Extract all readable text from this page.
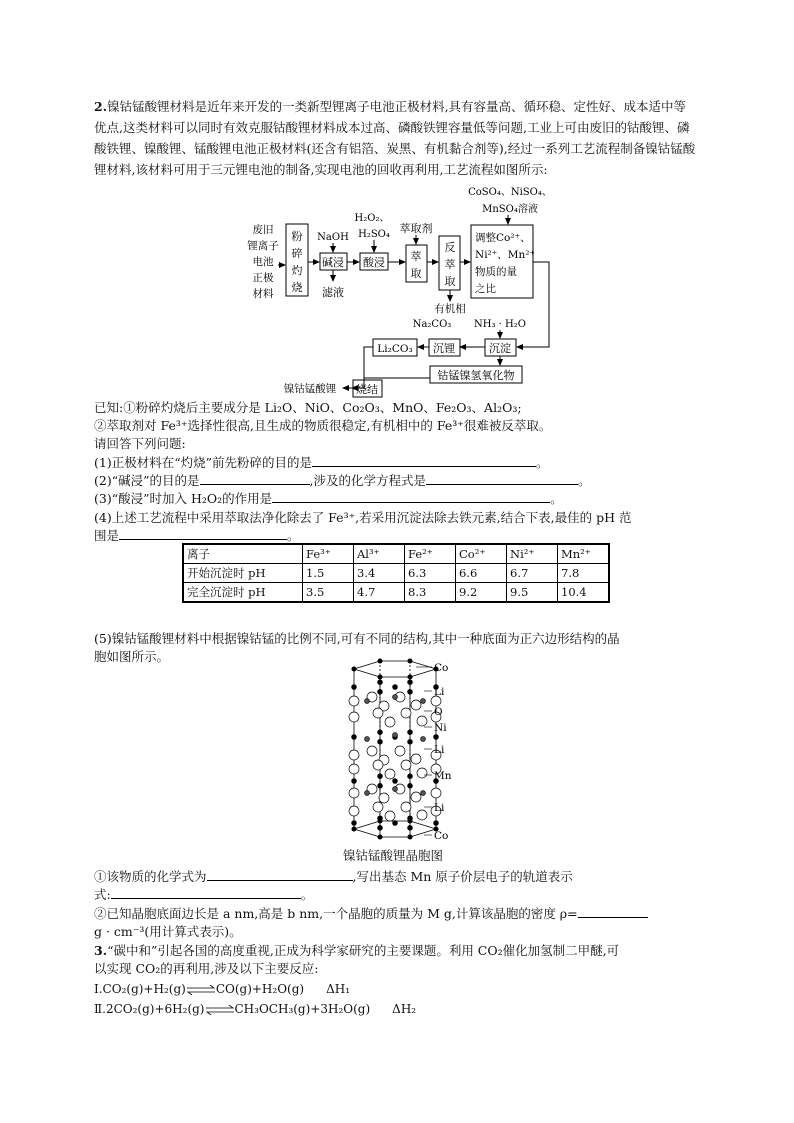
2.镍钴锰酸锂材料是近年来开发的一类新型锂离子电池正极材料,具有容量高、循环稳、定性好、成本适中等优点,这类材料可以同时有效克服钴酸锂材料成本过高、磷酸铁锂容量低等问题,工业上可由废旧的钴酸锂、磷酸铁锂、镍酸锂、锰酸锂电池正极材料(还含有铝箔、炭黑、有机黏合剂等),经过一系列工艺流程制备镍钴锰酸锂材料,该材料可用于三元锂电池的制备,实现电池的回收再利用,工艺流程如图所示:
废旧
锂离子
电池
正极
材料
粉
碎
灼
烧
NaOH
碱浸
滤液
H₂O₂、
H₂SO₄
酸浸
萃取剂
萃
取
反
萃
取
有机相
CoSO₄、NiSO₄、
MnSO₄溶液
调整Co²⁺、
Ni²⁺、Mn²⁺
物质的量
之比
Na₂CO₃ NH₃ · H₂O
沉淀
沉锂
Li₂CO₃
钴锰镍氢氧化物
烧结
镍钴锰酸锂
已知:①粉碎灼烧后主要成分是 Li₂O、NiO、Co₂O₃、MnO、Fe₂O₃、Al₂O₃;
②萃取剂对 Fe³⁺选择性很高,且生成的物质很稳定,有机相中的 Fe³⁺很难被反萃取。
请回答下列问题:
(1)正极材料在“灼烧”前先粉碎的目的是	。
(2)“碱浸”的目的是	,涉及的化学方程式是	。
(3)“酸浸”时加入 H₂O₂的作用是	。
(4)上述工艺流程中采用萃取法净化除去了 Fe³⁺,若采用沉淀法除去铁元素,结合下表,最佳的 pH 范
围是	。
离子	Fe³⁺	Al³⁺	Fe²⁺	Co²⁺	Ni²⁺	Mn²⁺
开始沉淀时 pH	1.5	3.4	6.3	6.6	6.7	7.8
完全沉淀时 pH	3.5	4.7	8.3	9.2	9.5	10.4
(5)镍钴锰酸锂材料中根据镍钴锰的比例不同,可有不同的结构,其中一种底面为正六边形结构的晶
胞如图所示。
Co
Li
O
Ni
Li
Mn
Li
Co
镍钴锰酸锂晶胞图
①该物质的化学式为	,写出基态 Mn 原子价层电子的轨道表示
式:	。
②已知晶胞底面边长是 a nm,高是 b nm,一个晶胞的质量为 M g,计算该晶胞的密度 ρ=
g · cm⁻³(用计算式表示)。
3.“碳中和”引起各国的高度重视,正成为科学家研究的主要课题。利用 CO₂催化加氢制二甲醚,可
以实现 CO₂的再利用,涉及以下主要反应:
Ⅰ.CO₂(g)+H₂(g)⇌CO(g)+H₂O(g) ΔH₁
Ⅱ.2CO₂(g)+6H₂(g)⇌CH₃OCH₃(g)+3H₂O(g) ΔH₂
